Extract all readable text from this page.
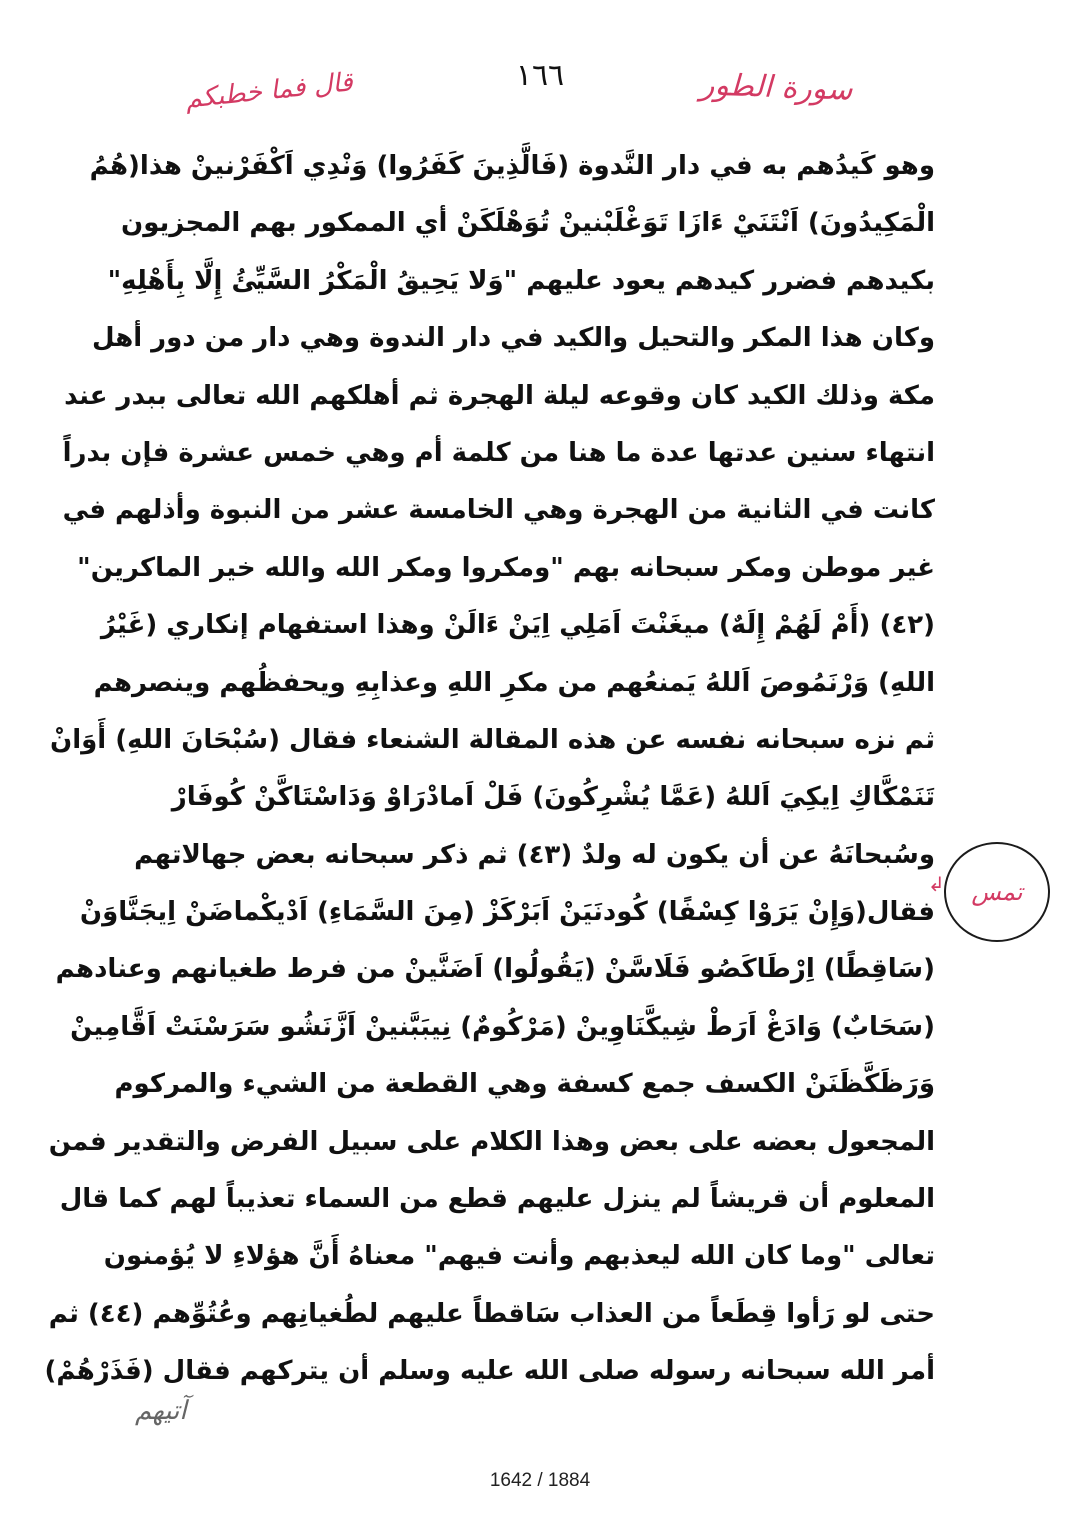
١٦٦	سورة الطور
قال فما خطبكم
وهو كَيدُهم به في دار النَّدوة (فَالَّذِينَ كَفَرُوا) وَنْدِي اَكْفَرْنينْ هذا(هُمُ
الْمَكِيدُونَ) اَنْتَنَيْ ءَازَا تَوَغْلَبْنينْ تُوَهْلَكَنْ أي الممكور بهم المجزيون
بكيدهم فضرر كيدهم يعود عليهم "وَلا يَحِيقُ الْمَكْرُ السَّيِّئُ إِلَّا بِأَهْلِهِ"
وكان هذا المكر والتحيل والكيد في دار الندوة وهي دار من دور أهل
مكة وذلك الكيد كان وقوعه ليلة الهجرة ثم أهلكهم الله تعالى ببدر عند
انتهاء سنين عدتها عدة ما هنا من كلمة أم وهي خمس عشرة فإن بدراً
كانت في الثانية من الهجرة وهي الخامسة عشر من النبوة وأذلهم في
غير موطن ومكر سبحانه بهم "ومكروا ومكر الله والله خير الماكرين"
(٤٢) (أَمْ لَهُمْ إِلَهٌ) ميغَنْتَ اَمَلِي اِيَنْ ءَالَنْ وهذا استفهام إنكاري (غَيْرُ
اللهِ) وَرْنَمُوصَ اَللهُ يَمنعُهم من مكرِ اللهِ وعذابِهِ ويحفظُهم وينصرهم
ثم نزه سبحانه نفسه عن هذه المقالة الشنعاء فقال (سُبْحَانَ اللهِ) أَوَانْ
تَنَمْكَّاكِ اِيكِيَ اَللهُ (عَمَّا يُشْرِكُونَ) فَلْ اَمادْرَاوْ وَدَاسْتَاكَّنْ كُوفَارْ
وسُبحانَهُ عن أن يكون له ولدٌ (٤٣) ثم ذكر سبحانه بعض جهالاتهم
فقال(وَإِنْ يَرَوْا كِسْفًا) كُودنَيَنْ اَبَرْكَزْ (مِنَ السَّمَاءِ) اَدْيكْماضَنْ اِيجَنَّاوَنْ
(سَاقِطًا) اِرْطَاكَصُو فَلَاسَّنْ (يَقُولُوا) اَضَنَّينْ من فرط طغيانهم وعنادهم
(سَحَابٌ) وَادَغْ اَرَطْ شِيكَّنَاوِينْ (مَرْكُومٌ) نِيبَبَّنينْ اَزَّنَشُو سَرَسْنَتْ اَقَّامِينْ
وَرَظَكَّظَنَنْ الكسف جمع كسفة وهي القطعة من الشيء والمركوم
المجعول بعضه على بعض وهذا الكلام على سبيل الفرض والتقدير فمن
المعلوم أن قريشاً لم ينزل عليهم قطع من السماء تعذيباً لهم كما قال
تعالى "وما كان الله ليعذبهم وأنت فيهم" معناهُ أَنَّ هؤلاءِ لا يُؤمنون
حتى لو رَأوا قِطَعاً من العذاب سَاقطاً عليهم لطُغيانِهم وعُتُوِّهم (٤٤) ثم
أمر الله سبحانه رسوله صلى الله عليه وسلم أن يتركهم فقال (فَذَرْهُمْ)
↲ تمس
آتيهم
1642 / 1884
